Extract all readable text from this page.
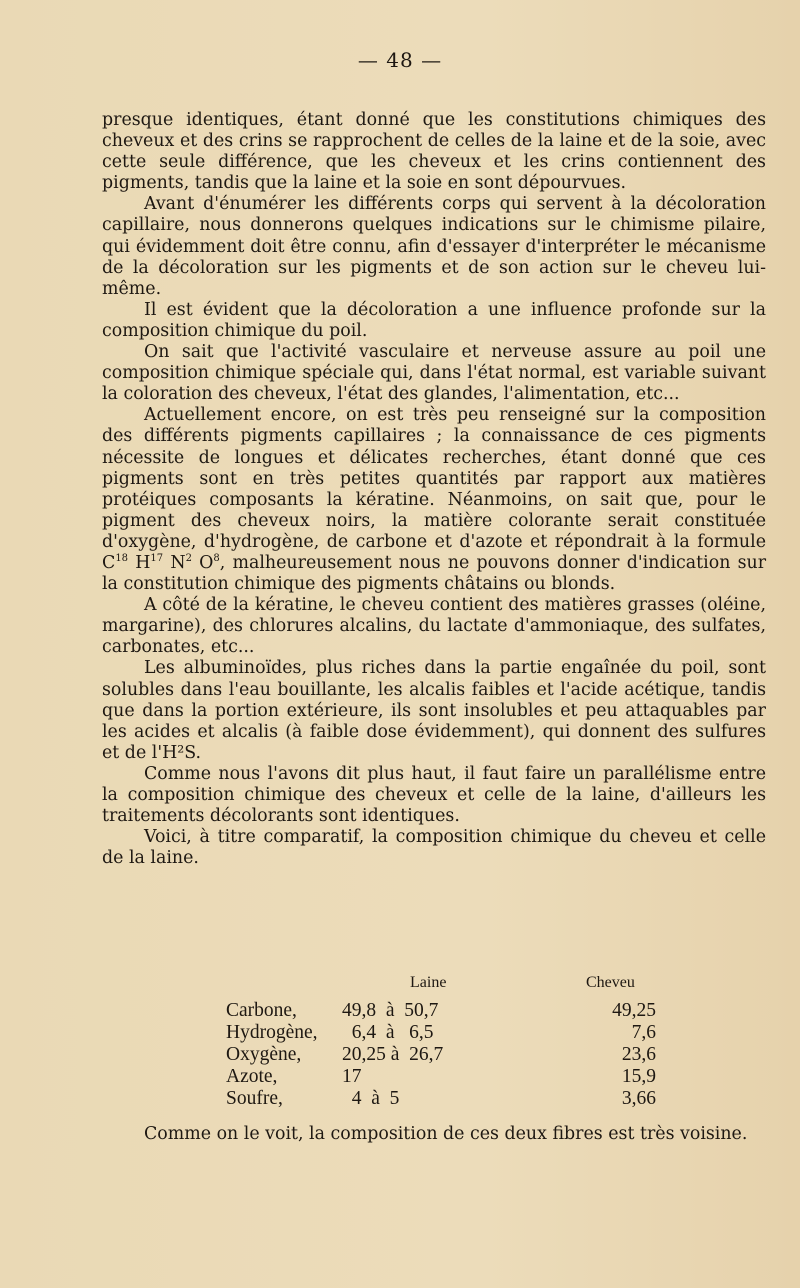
— 48 —

presque identiques, étant donné que les constitutions chimiques des cheveux et des crins se rapprochent de celles de la laine et de la soie, avec cette seule différence, que les cheveux et les crins contiennent des pigments, tandis que la laine et la soie en sont dépourvues.

Avant d'énumérer les différents corps qui servent à la décoloration capillaire, nous donnerons quelques indications sur le chimisme pilaire, qui évidemment doit être connu, afin d'essayer d'interpréter le mécanisme de la décoloration sur les pigments et de son action sur le cheveu lui-même.

Il est évident que la décoloration a une influence profonde sur la composition chimique du poil.

On sait que l'activité vasculaire et nerveuse assure au poil une composition chimique spéciale qui, dans l'état normal, est variable suivant la coloration des cheveux, l'état des glandes, l'alimentation, etc...

Actuellement encore, on est très peu renseigné sur la composition des différents pigments capillaires ; la connaissance de ces pigments nécessite de longues et délicates recherches, étant donné que ces pigments sont en très petites quantités par rapport aux matières protéiques composants la kératine. Néanmoins, on sait que, pour le pigment des cheveux noirs, la matière colorante serait constituée d'oxygène, d'hydrogène, de carbone et d'azote et répondrait à la formule $C^{18}$ $H^{17}$ $N^2$ $O^8$, malheureusement nous ne pouvons donner d'indication sur la constitution chimique des pigments châtains ou blonds.

A côté de la kératine, le cheveu contient des matières grasses (oléine, margarine), des chlorures alcalins, du lactate d'ammoniaque, des sulfates, carbonates, etc...

Les albuminoïdes, plus riches dans la partie engaînée du poil, sont solubles dans l'eau bouillante, les alcalis faibles et l'acide acétique, tandis que dans la portion extérieure, ils sont insolubles et peu attaquables par les acides et alcalis (à faible dose évidemment), qui donnent des sulfures et de l'H²S.

Comme nous l'avons dit plus haut, il faut faire un parallélisme entre la composition chimique des cheveux et celle de la laine, d'ailleurs les traitements décolorants sont identiques.

Voici, à titre comparatif, la composition chimique du cheveu et celle de la laine.

Laine	Cheveu
Carbone, 49,8  à  50,7	49,25
Hydrogène, 6,4  à   6,5	7,6
Oxygène, 20,25 à  26,7	23,6
Azote,	17	15,9
Soufre,	4  à  5	3,66

Comme on le voit, la composition de ces deux fibres est très voisine.
